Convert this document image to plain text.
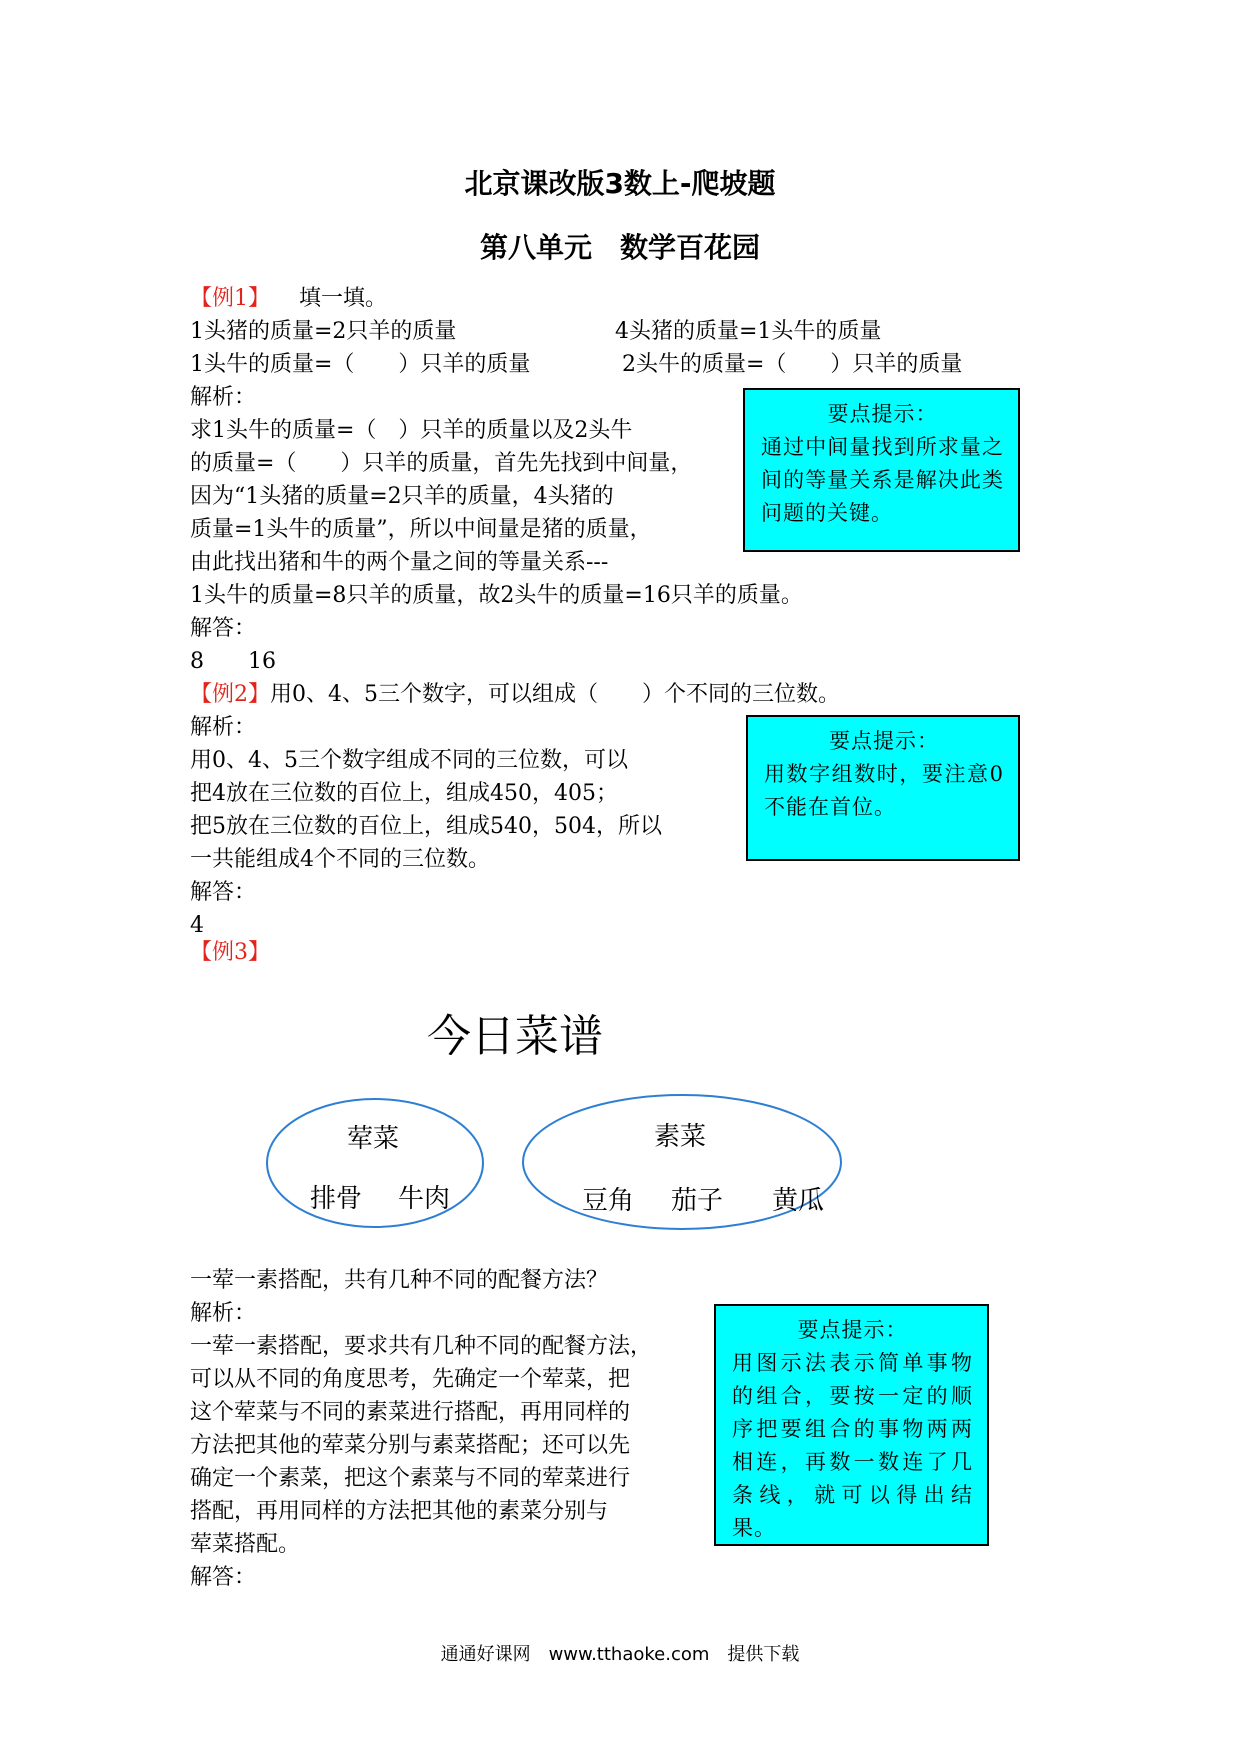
北京课改版3数上-爬坡题
第八单元　数学百花园
【例1】 填一填。
1头猪的质量=2只羊的质量	4头猪的质量=1头牛的质量
1头牛的质量=（　　）只羊的质量	2头牛的质量=（　　）只羊的质量
解析：
求1头牛的质量=（　）只羊的质量以及2头牛
的质量=（　　）只羊的质量，首先先找到中间量，
因为“1头猪的质量=2只羊的质量，4头猪的
质量=1头牛的质量”，所以中间量是猪的质量，
由此找出猪和牛的两个量之间的等量关系---
1头牛的质量=8只羊的质量，故2头牛的质量=16只羊的质量。
解答：
8　　16
要点提示：
通过中间量找到所求量之间的等量关系是解决此类问题的关键。
【例2】用0、4、5三个数字，可以组成（　　）个不同的三位数。
解析：
用0、4、5三个数字组成不同的三位数，可以
把4放在三位数的百位上，组成450，405；
把5放在三位数的百位上，组成540，504，所以
一共能组成4个不同的三位数。
解答：
4
要点提示：
用数字组数时，要注意0不能在首位。
【例3】
今日菜谱
荤菜
排骨 牛肉
素菜
豆角 茄子 黄瓜
一荤一素搭配，共有几种不同的配餐方法？
解析：
一荤一素搭配，要求共有几种不同的配餐方法，
可以从不同的角度思考，先确定一个荤菜，把
这个荤菜与不同的素菜进行搭配，再用同样的
方法把其他的荤菜分别与素菜搭配；还可以先
确定一个素菜，把这个素菜与不同的荤菜进行
搭配，再用同样的方法把其他的素菜分别与
荤菜搭配。
解答：
要点提示：
用图示法表示简单事物的组合，要按一定的顺序把要组合的事物两两相连，再数一数连了几条线，就可以得出结果。
通通好课网　www.tthaoke.com　提供下载
